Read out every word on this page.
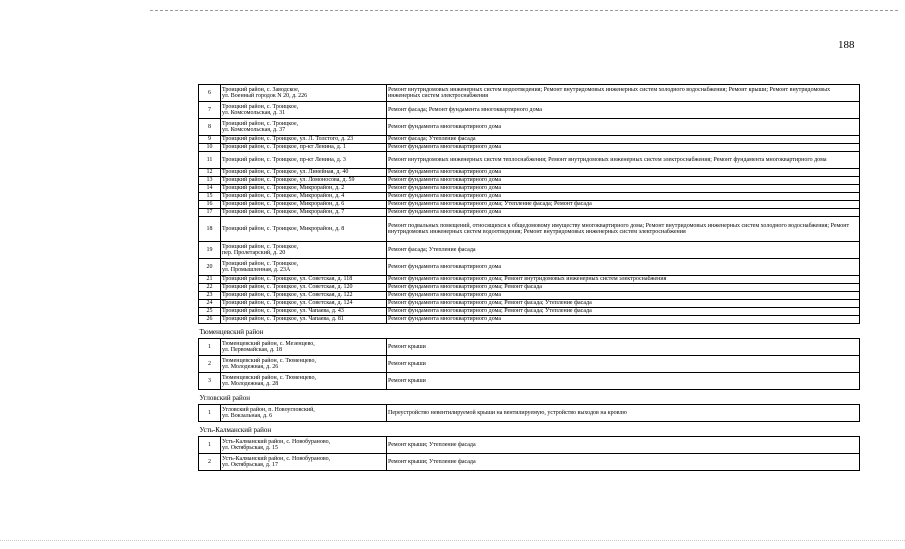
188
6	Троицкий район, с. Заводское,
ул. Военный городок N 20, д. 226	Ремонт внутридомовых инженерных систем водоотведения; Ремонт внутридомовых инженерных систем холодного водоснабжения; Ремонт крыши; Ремонт внутридомовых инженерных систем электроснабжения
7	Троицкий район, с. Троицкое,
ул. Комсомольская, д. 31	Ремонт фасада; Ремонт фундамента многоквартирного дома
8	Троицкий район, с. Троицкое,
ул. Комсомольская, д. 37	Ремонт фундамента многоквартирного дома
9	Троицкий район, с. Троицкое, ул. Л. Толстого, д. 23	Ремонт фасада; Утепление фасада
10	Троицкий район, с. Троицкое, пр-кт Ленина, д. 1	Ремонт фундамента многоквартирного дома
11	Троицкий район, с. Троицкое, пр-кт Ленина, д. 3	Ремонт внутридомовых инженерных систем теплоснабжения; Ремонт внутридомовых инженерных систем электроснабжения; Ремонт фундамента многоквартирного дома
12	Троицкий район, с. Троицкое, ул. Линейная, д. 40	Ремонт фундамента многоквартирного дома
13	Троицкий район, с. Троицкое, ул. Ломоносова, д. 59	Ремонт фундамента многоквартирного дома
14	Троицкий район, с. Троицкое, Микрорайон, д. 2	Ремонт фундамента многоквартирного дома
15	Троицкий район, с. Троицкое, Микрорайон, д. 4	Ремонт фундамента многоквартирного дома
16	Троицкий район, с. Троицкое, Микрорайон, д. 6	Ремонт фундамента многоквартирного дома; Утепление фасада; Ремонт фасада
17	Троицкий район, с. Троицкое, Микрорайон, д. 7	Ремонт фундамента многоквартирного дома
18	Троицкий район, с. Троицкое, Микрорайон, д. 8	Ремонт подвальных помещений, относящихся к общедомовому имуществу многоквартирного дома; Ремонт внутридомовых инженерных систем холодного водоснабжения; Ремонт внутридомовых инженерных систем водоотведения; Ремонт внутридомовых инженерных систем электроснабжения
19	Троицкий район, с. Троицкое,
пер. Пролетарский, д. 20	Ремонт фасада; Утепление фасада
20	Троицкий район, с. Троицкое,
ул. Промышленная, д. 23А	Ремонт фундамента многоквартирного дома
21	Троицкий район, с. Троицкое, ул. Советская, д. 118	Ремонт фундамента многоквартирного дома; Ремонт внутридомовых инженерных систем электроснабжения
22	Троицкий район, с. Троицкое, ул. Советская, д. 120	Ремонт фундамента многоквартирного дома; Ремонт фасада
23	Троицкий район, с. Троицкое, ул. Советская, д. 122	Ремонт фундамента многоквартирного дома
24	Троицкий район, с. Троицкое, ул. Советская, д. 124	Ремонт фундамента многоквартирного дома; Ремонт фасада; Утепление фасада
25	Троицкий район, с. Троицкое, ул. Чапаева, д. 43	Ремонт фундамента многоквартирного дома; Ремонт фасада; Утепление фасада
26	Троицкий район, с. Троицкое, ул. Чапаева, д. 81	Ремонт фундамента многоквартирного дома
Тюменцевский район		
1	Тюменцевский район, с. Мезенцево,
ул. Первомайская, д. 18	Ремонт крыши
2	Тюменцевский район, с. Тюменцево,
ул. Молодежная, д. 26	Ремонт крыши
3	Тюменцевский район, с. Тюменцево,
ул. Молодежная, д. 28	Ремонт крыши
Угловский район		
1	Угловский район, п. Новоугловский,
ул. Вокзальная, д. 6	Переустройство невентилируемой крыши на вентилируемую, устройство выходов на кровлю
Усть-Калманский район		
1	Усть-Калманский район, с. Новобураново,
ул. Октябрьская, д. 15	Ремонт крыши; Утепление фасада
2	Усть-Калманский район, с. Новобураново,
ул. Октябрьская, д. 17	Ремонт крыши; Утепление фасада
